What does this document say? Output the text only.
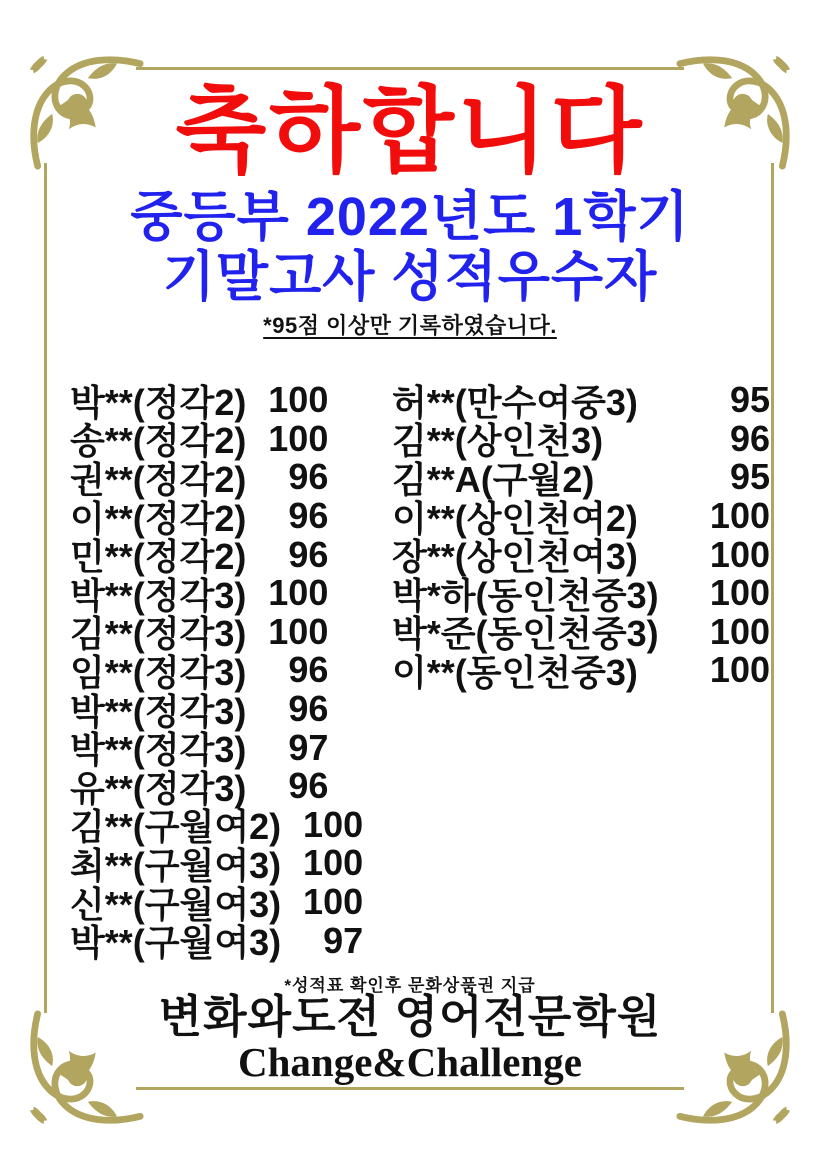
축하합니다
중등부 2022년도 1학기
기말고사 성적우수자
*95점 이상만 기록하였습니다.
박**(정각2) 100
송**(정각2) 100
권**(정각2)	96
이**(정각2)	96
민**(정각2)	96
박**(정각3) 100
김**(정각3) 100
임**(정각3)	96
박**(정각3)	96
박**(정각3)	97
유**(정각3)	96
김**(구월여2) 100
최**(구월여3) 100
신**(구월여3) 100
박**(구월여3)	97
허**(만수여중3)	95
김**(상인천3)	96
김**A(구월2)	95
이**(상인천여2) 100
장**(상인천여3) 100
박*하(동인천중3) 100
박*준(동인천중3) 100
이**(동인천중3) 100
*성적표 확인후 문화상품권 지급
변화와도전 영어전문학원
Change&Challenge
